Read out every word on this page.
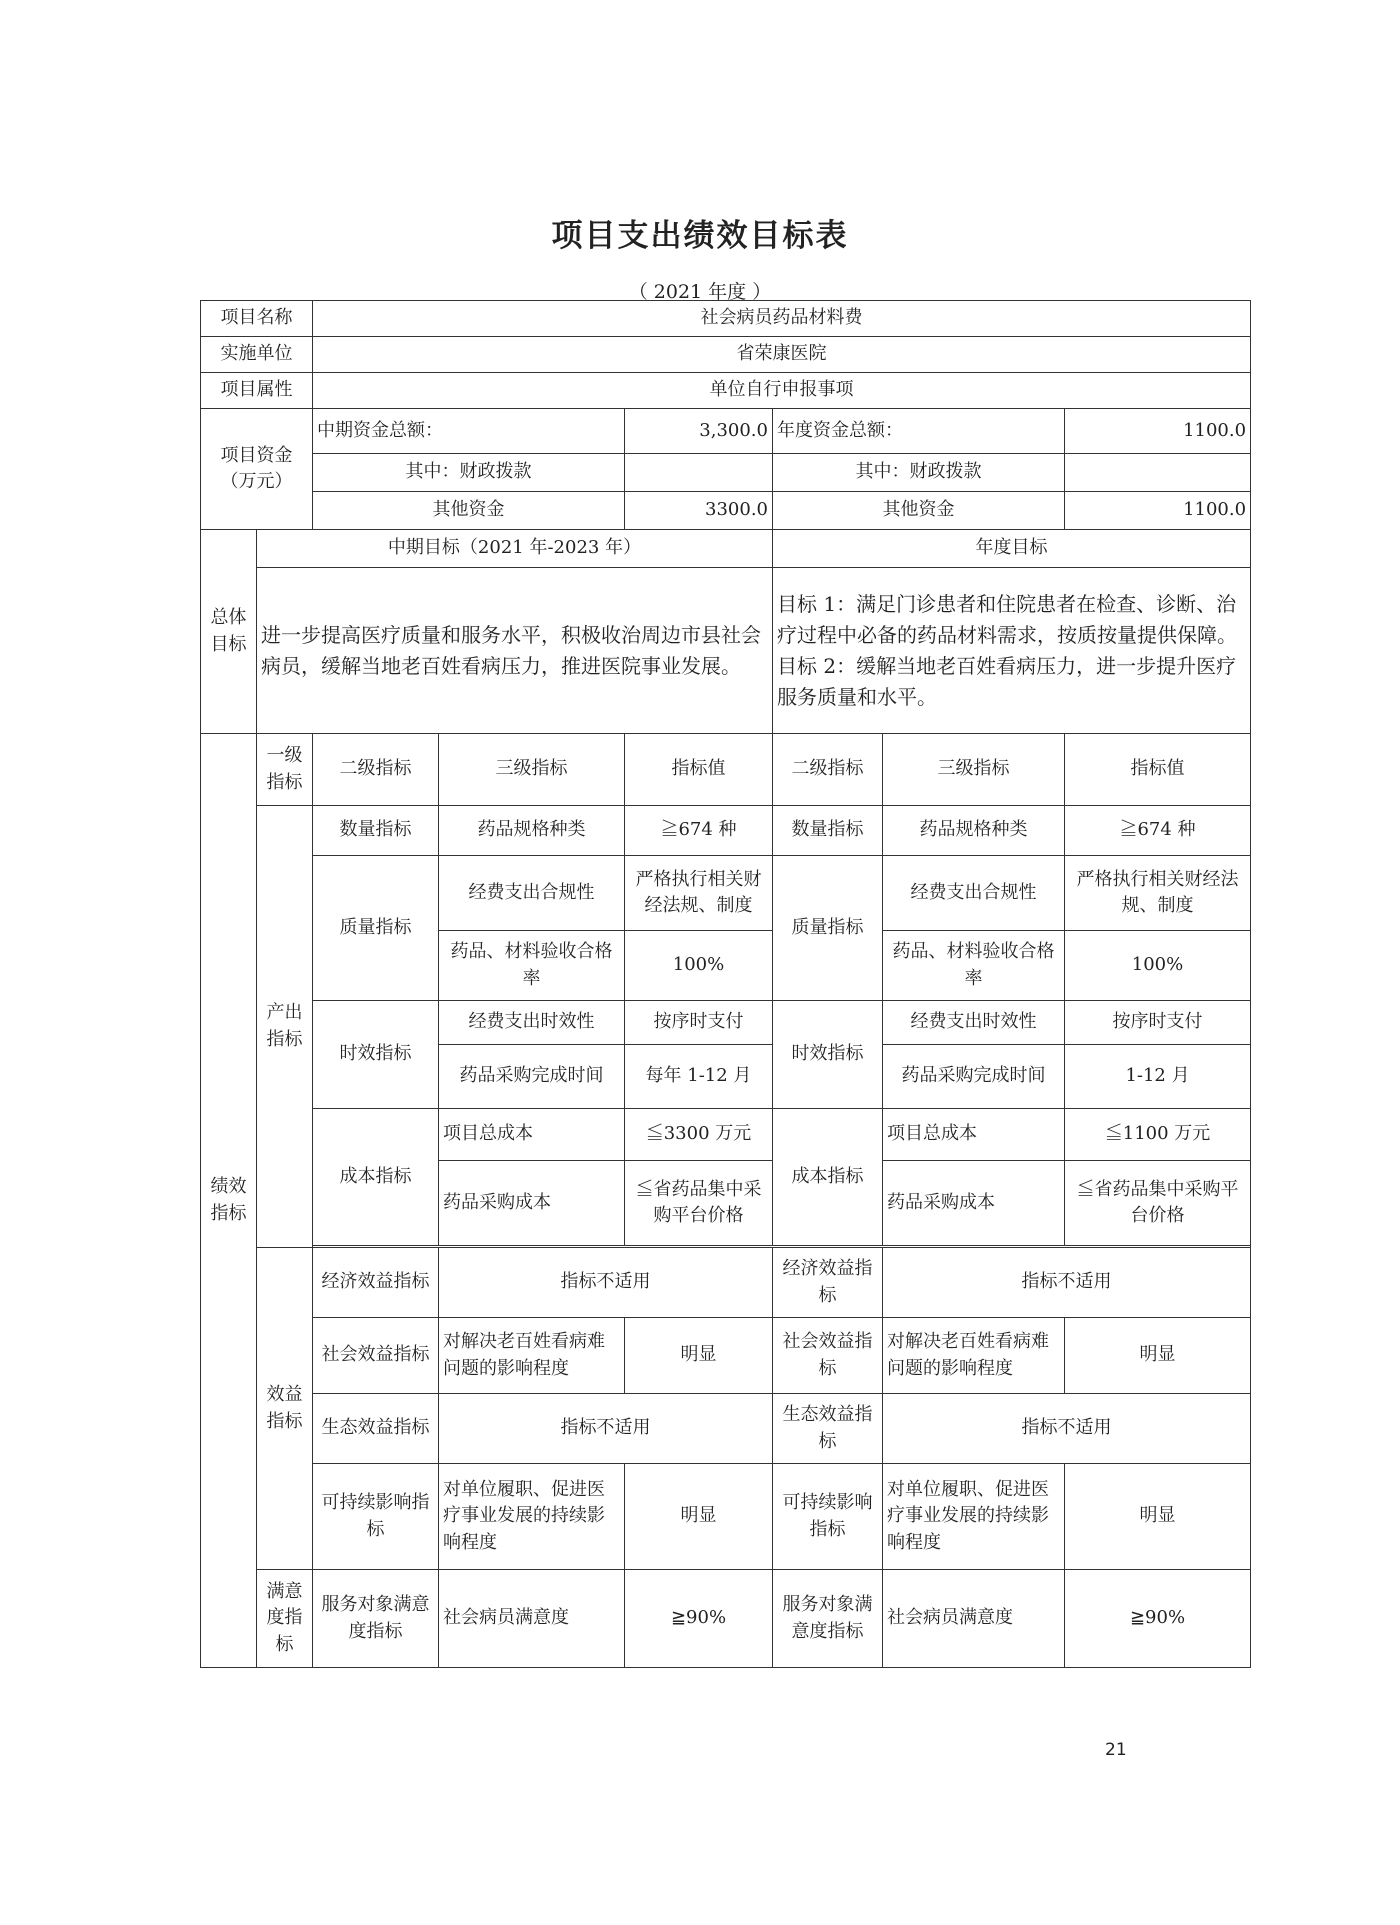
项目支出绩效目标表
（ 2021 年度 ）
项目名称		社会病员药品材料费					
实施单位		省荣康医院					
项目属性		单位自行申报事项					
项目资金（万元）		中期资金总额：		3,300.0	年度资金总额：		1100.0
		其中：财政拨款			其中：财政拨款		
		其他资金		3300.0	其他资金		1100.0
总体目标	中期目标（2021 年-2023 年）				年度目标		
	进一步提高医疗质量和服务水平，积极收治周边市县社会病员，缓解当地老百姓看病压力，推进医院事业发展。				目标 1：满足门诊患者和住院患者在检查、诊断、治疗过程中必备的药品材料需求，按质按量提供保障。
目标 2：缓解当地老百姓看病压力，进一步提升医疗服务质量和水平。		

绩效指标	一级指标	二级指标	三级指标	指标值	二级指标	三级指标	指标值
	产出指标	数量指标	药品规格种类	≧674 种	数量指标	药品规格种类	≧674 种
		质量指标	经费支出合规性	严格执行相关财经法规、制度	质量指标	经费支出合规性	严格执行相关财经法规、制度
			药品、材料验收合格率	100%		药品、材料验收合格率	100%
		时效指标	经费支出时效性	按序时支付	时效指标	经费支出时效性	按序时支付
			药品采购完成时间	每年 1-12 月		药品采购完成时间	1-12 月
		成本指标	项目总成本	≦3300 万元	成本指标	项目总成本	≦1100 万元
			药品采购成本	≦省药品集中采购平台价格		药品采购成本	≦省药品集中采购平台价格

	效益指标	经济效益指标	指标不适用		经济效益指标	指标不适用	
		社会效益指标	对解决老百姓看病难问题的影响程度	明显	社会效益指标	对解决老百姓看病难问题的影响程度	明显
		生态效益指标	指标不适用		生态效益指标	指标不适用	
		可持续影响指标	对单位履职、促进医疗事业发展的持续影响程度	明显	可持续影响指标	对单位履职、促进医疗事业发展的持续影响程度	明显
	满意度指标	服务对象满意度指标	社会病员满意度	≧90%	服务对象满意度指标	社会病员满意度	≧90%
21
